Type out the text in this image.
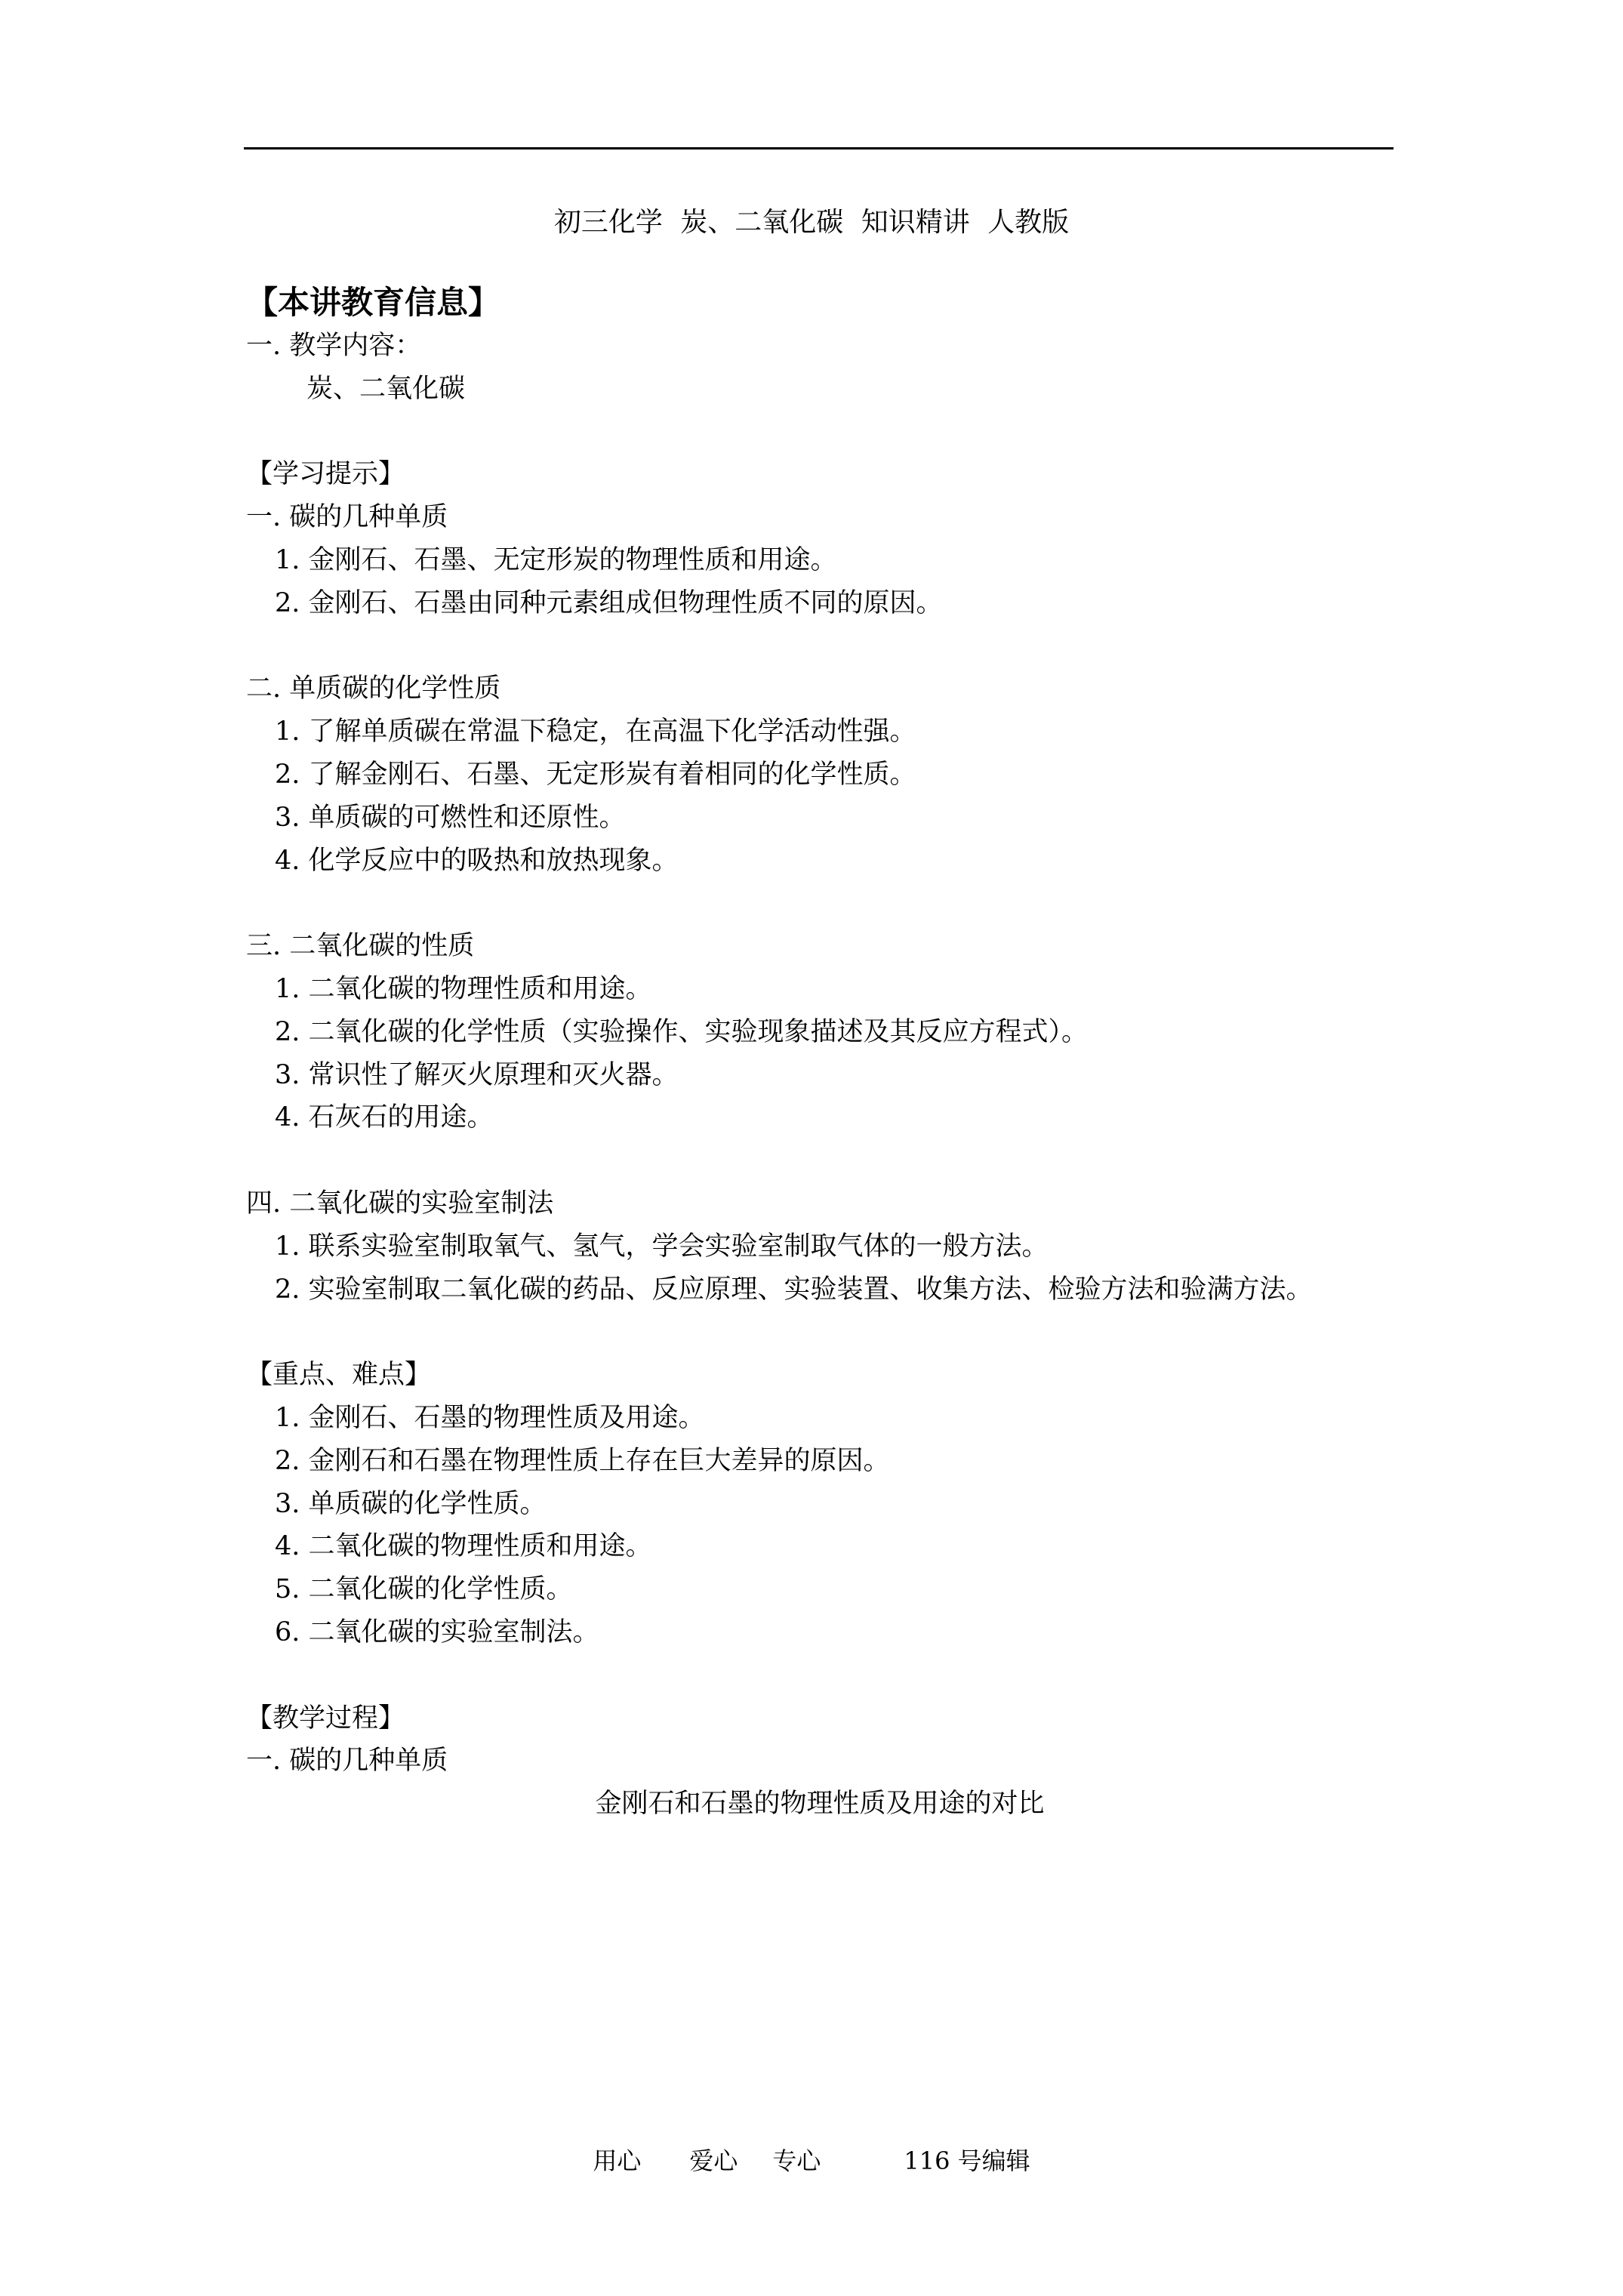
初三化学 炭、二氧化碳 知识精讲 人教版
【本讲教育信息】
一. 教学内容：
炭、二氧化碳
【学习提示】
一. 碳的几种单质
1. 金刚石、石墨、无定形炭的物理性质和用途。
2. 金刚石、石墨由同种元素组成但物理性质不同的原因。
二. 单质碳的化学性质
1. 了解单质碳在常温下稳定，在高温下化学活动性强。
2. 了解金刚石、石墨、无定形炭有着相同的化学性质。
3. 单质碳的可燃性和还原性。
4. 化学反应中的吸热和放热现象。
三. 二氧化碳的性质
1. 二氧化碳的物理性质和用途。
2. 二氧化碳的化学性质（实验操作、实验现象描述及其反应方程式）。
3. 常识性了解灭火原理和灭火器。
4. 石灰石的用途。
四. 二氧化碳的实验室制法
1. 联系实验室制取氧气、氢气，学会实验室制取气体的一般方法。
2. 实验室制取二氧化碳的药品、反应原理、实验装置、收集方法、检验方法和验满方法。
【重点、难点】
1. 金刚石、石墨的物理性质及用途。
2. 金刚石和石墨在物理性质上存在巨大差异的原因。
3. 单质碳的化学性质。
4. 二氧化碳的物理性质和用途。
5. 二氧化碳的化学性质。
6. 二氧化碳的实验室制法。
【教学过程】
一. 碳的几种单质
金刚石和石墨的物理性质及用途的对比
用心 爱心 专心	116 号编辑
